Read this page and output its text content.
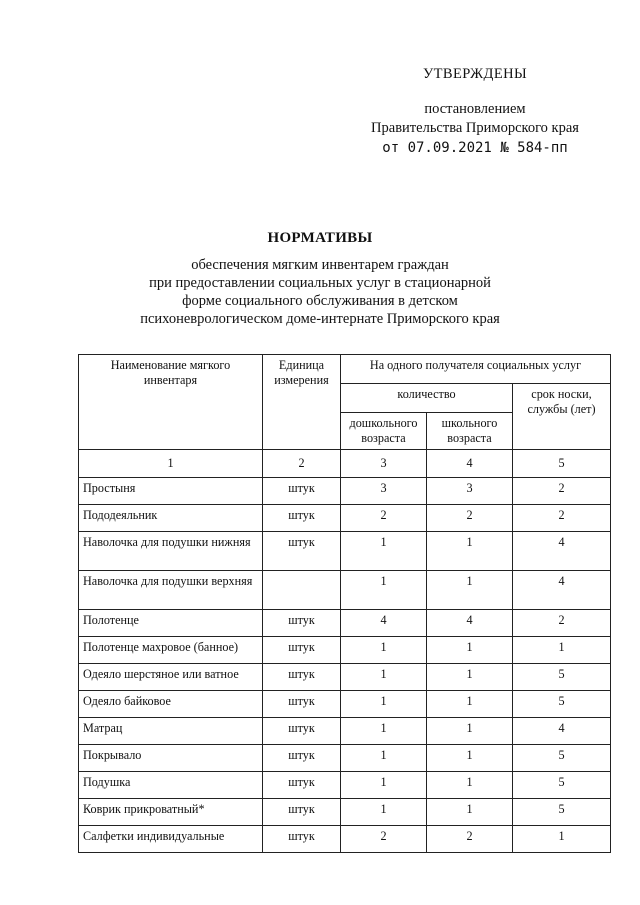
УТВЕРЖДЕНЫ
постановлением
Правительства Приморского края
от 07.09.2021 № 584-пп
НОРМАТИВЫ
обеспечения мягким инвентарем граждан
при предоставлении социальных услуг в стационарной
форме социального обслуживания в детском
психоневрологическом доме-интернате Приморского края
Наименование мягкого инвентаря	Единица измерения	На одного получателя социальных услуг		
		количество		срок носки, службы (лет)
		дошкольного возраста	школьного возраста	
1	2	3	4	5
Простыня	штук	3	3	2
Пододеяльник	штук	2	2	2
Наволочка для подушки нижняя	штук	1	1	4
Наволочка для подушки верхняя		1	1	4
Полотенце	штук	4	4	2
Полотенце махровое (банное)	штук	1	1	1
Одеяло шерстяное или ватное	штук	1	1	5
Одеяло байковое	штук	1	1	5
Матрац	штук	1	1	4
Покрывало	штук	1	1	5
Подушка	штук	1	1	5
Коврик прикроватный*	штук	1	1	5
Салфетки индивидуальные	штук	2	2	1
